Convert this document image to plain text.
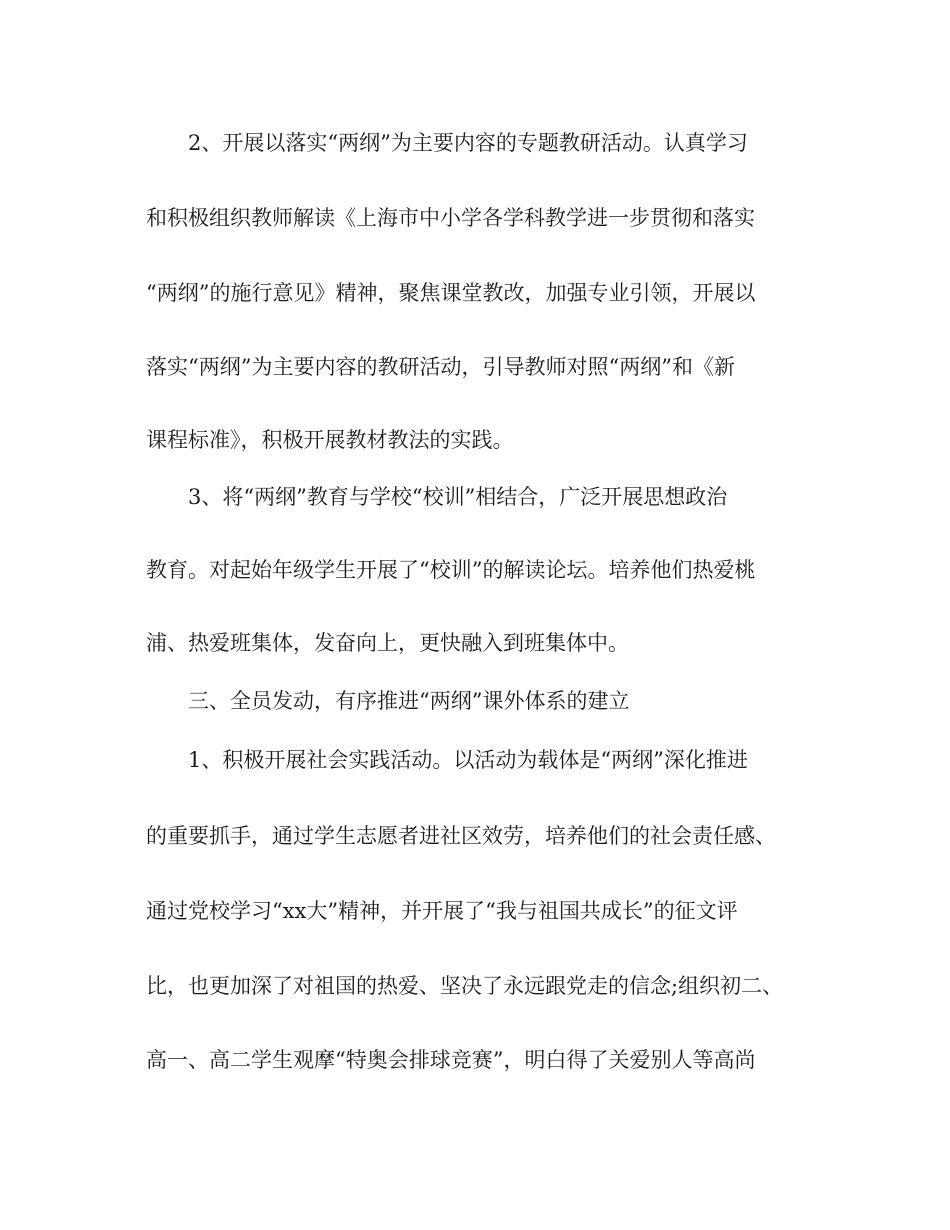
2、开展以落实“两纲”为主要内容的专题教研活动。认真学习
和积极组织教师解读《上海市中小学各学科教学进一步贯彻和落实
“两纲”的施行意见》精神，聚焦课堂教改，加强专业引领，开展以
落实“两纲”为主要内容的教研活动，引导教师对照“两纲”和《新
课程标准》，积极开展教材教法的实践。
3、将“两纲”教育与学校“校训”相结合，广泛开展思想政治
教育。对起始年级学生开展了“校训”的解读论坛。培养他们热爱桃
浦、热爱班集体，发奋向上，更快融入到班集体中。
三、全员发动，有序推进“两纲”课外体系的建立
1、积极开展社会实践活动。以活动为载体是“两纲”深化推进
的重要抓手，通过学生志愿者进社区效劳，培养他们的社会责任感、
通过党校学习“xx大”精神，并开展了“我与祖国共成长”的征文评
比，也更加深了对祖国的热爱、坚决了永远跟党走的信念;组织初二、
高一、高二学生观摩“特奥会排球竞赛”，明白得了关爱别人等高尚
